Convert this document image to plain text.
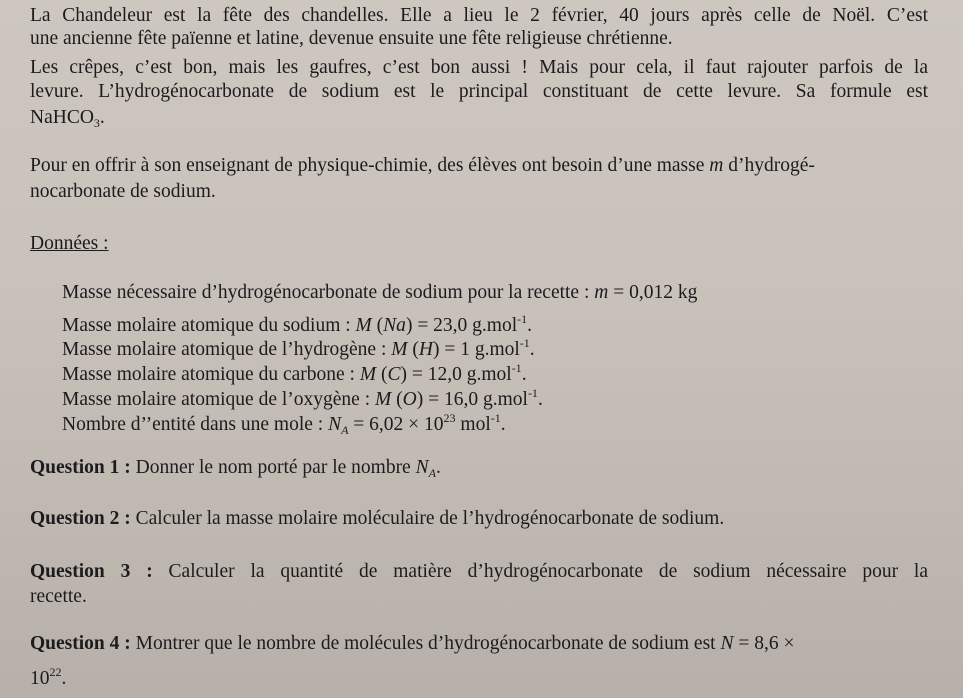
La Chandeleur est la fête des chandelles. Elle a lieu le 2 février, 40 jours après celle de Noël. C’est
une ancienne fête païenne et latine, devenue ensuite une fête religieuse chrétienne.
Les crêpes, c’est bon, mais les gaufres, c’est bon aussi ! Mais pour cela, il faut rajouter parfois de la
levure. L’hydrogénocarbonate de sodium est le principal constituant de cette levure. Sa formule est
NaHCO$_3$.
Pour en offrir à son enseignant de physique-chimie, des élèves ont besoin d’une masse m d’hydrogé-
nocarbonate de sodium.
Données :
Masse nécessaire d’hydrogénocarbonate de sodium pour la recette : m = 0,012 kg
Masse molaire atomique du sodium : M (Na) = 23,0 g.mol$^{-1}$.
Masse molaire atomique de l’hydrogène : M (H) = 1 g.mol$^{-1}$.
Masse molaire atomique du carbone : M (C) = 12,0 g.mol$^{-1}$.
Masse molaire atomique de l’oxygène : M (O) = 16,0 g.mol$^{-1}$.
Nombre d’’entité dans une mole : $N_A = 6,02 \times 10^{23}$ mol$^{-1}$.
Question 1 : Donner le nom porté par le nombre $N_A$.
Question 2 : Calculer la masse molaire moléculaire de l’hydrogénocarbonate de sodium.
Question 3 : Calculer la quantité de matière d’hydrogénocarbonate de sodium nécessaire pour la
recette.
Question 4 : Montrer que le nombre de molécules d’hydrogénocarbonate de sodium est N = 8,6 ×
$10^{22}$.
